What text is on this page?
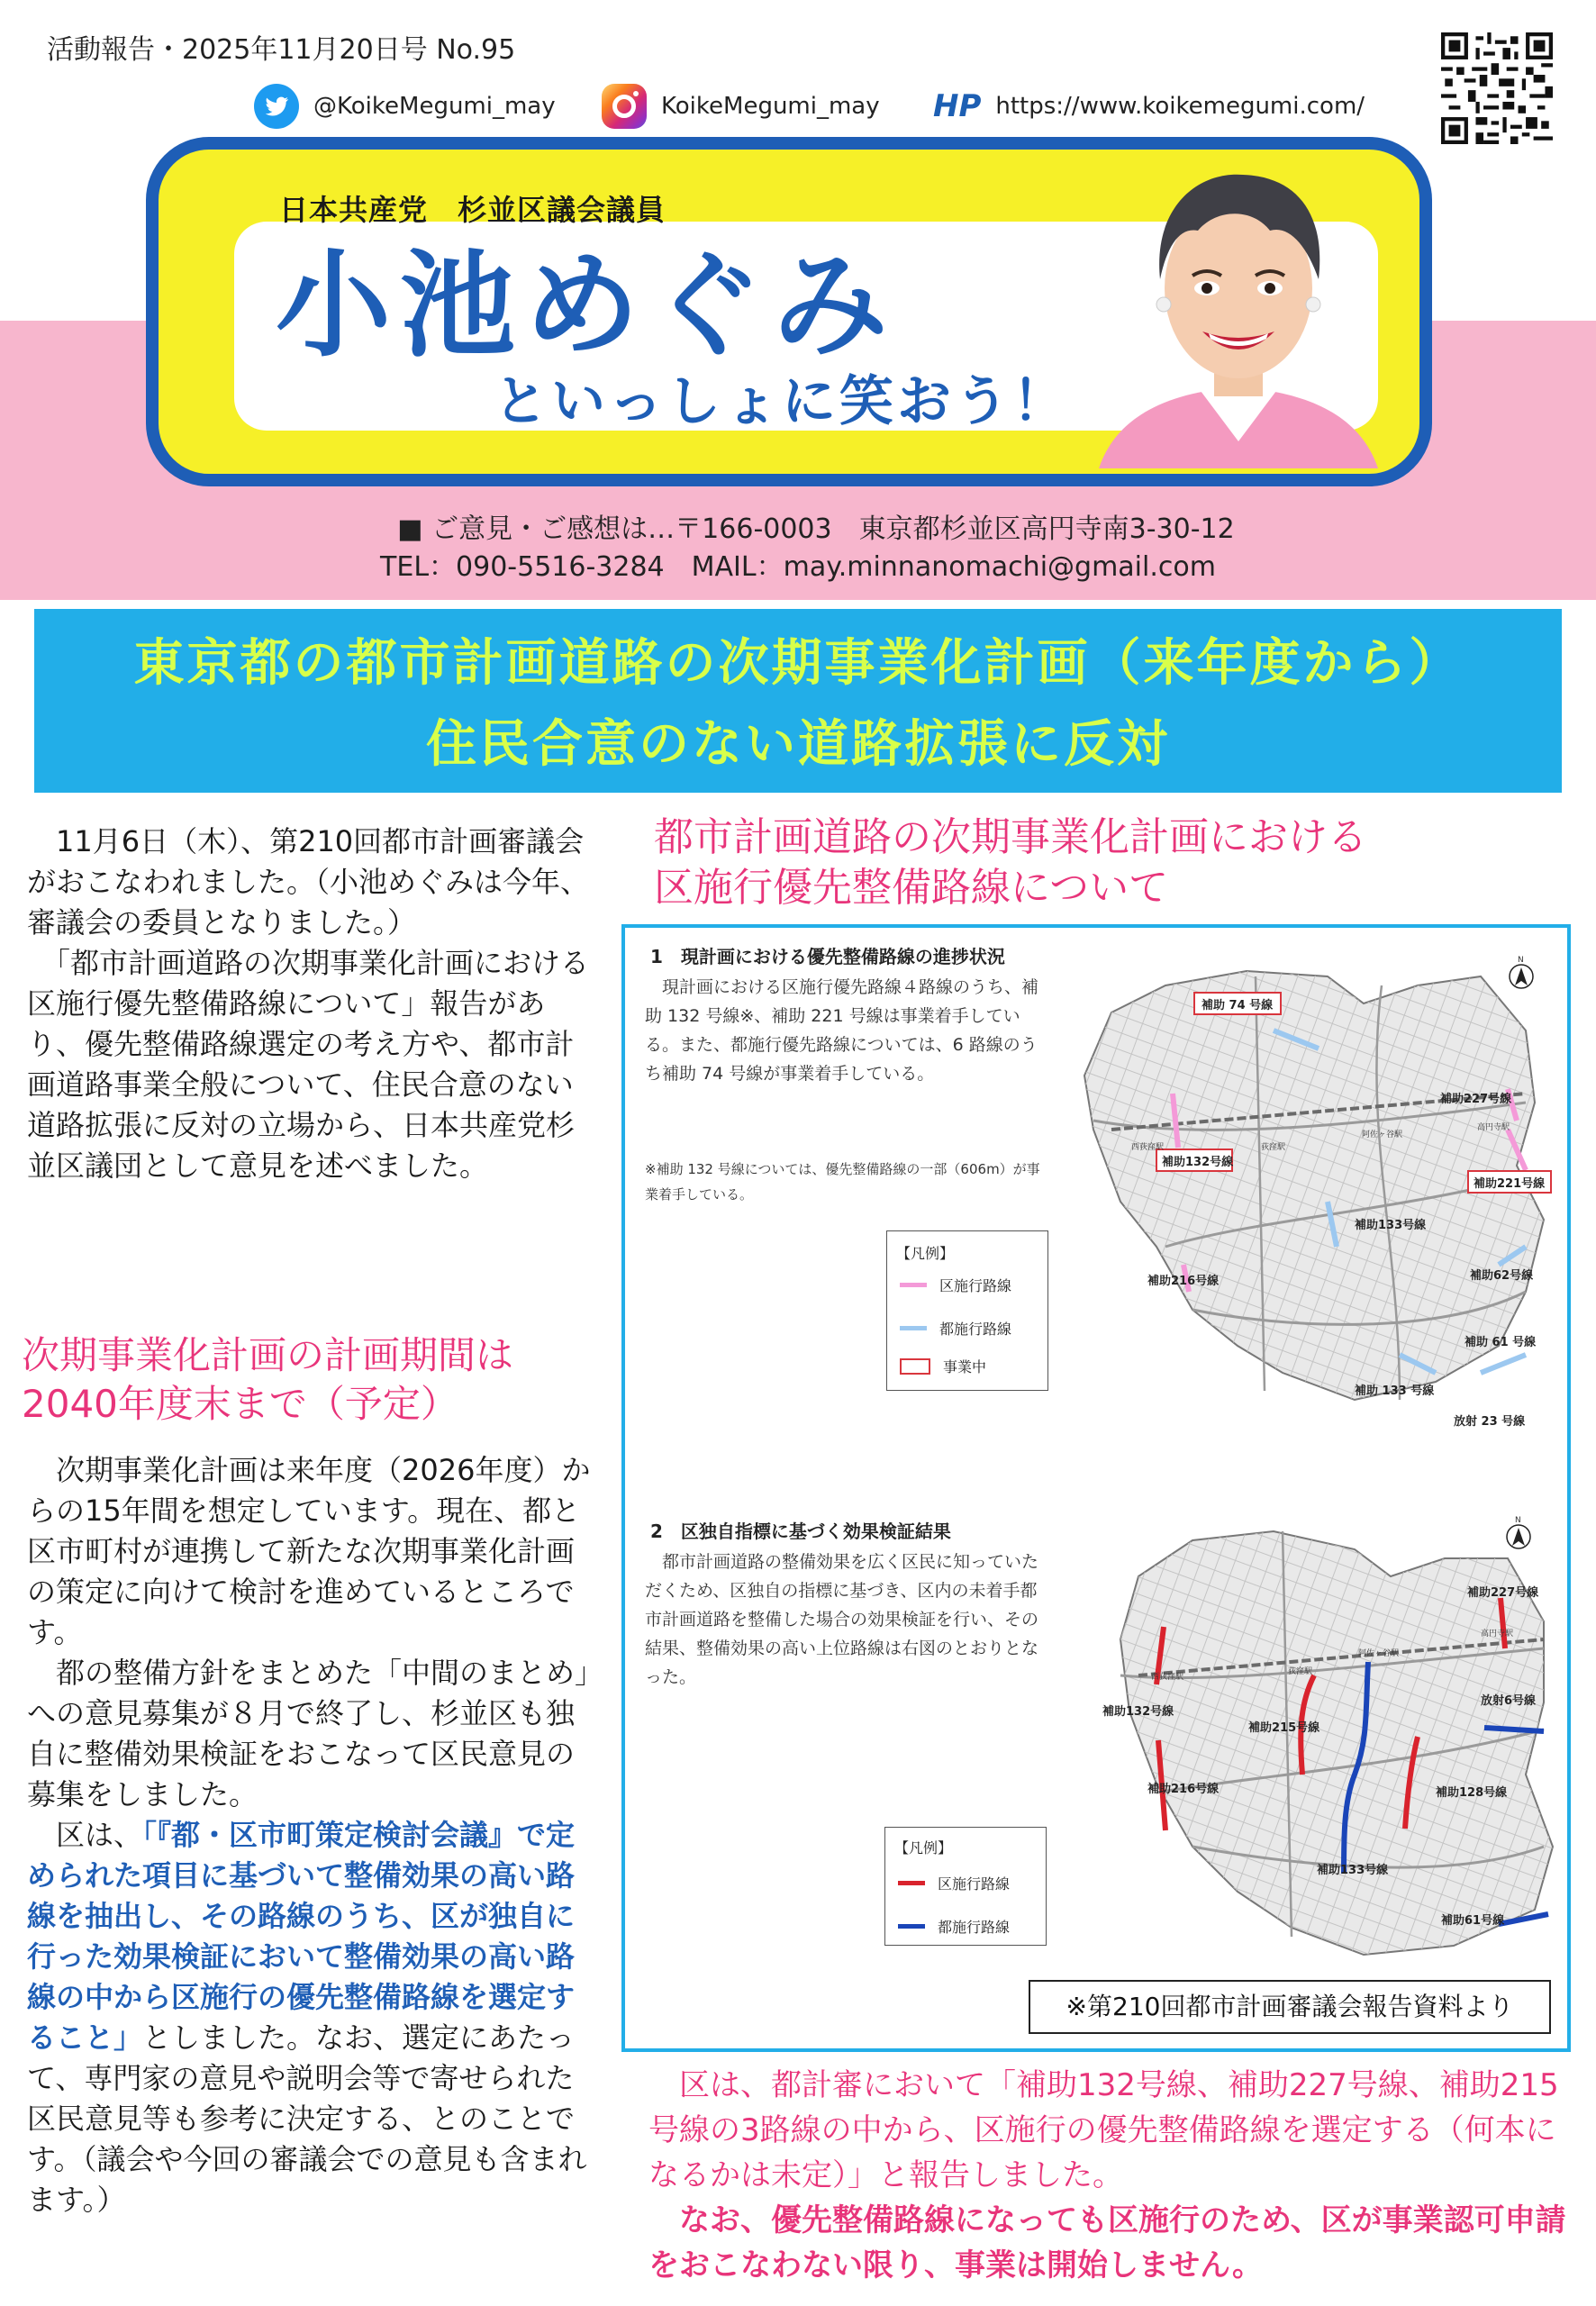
活動報告・2025年11月20日号 No.95
@KoikeMegumi_may	KoikeMegumi_may HP https://www.koikemegumi.com/
日本共産党　杉並区議会議員
小池めぐみ
といっしょに笑おう！
■ ご意見・ご感想は…〒166-0003　東京都杉並区高円寺南3-30-12
TEL：090-5516-3284　MAIL：may.minnanomachi@gmail.com
東京都の都市計画道路の次期事業化計画（来年度から）
住民合意のない道路拡張に反対

　11月6日（木）、第210回都市計画審議会がおこなわれました。（小池めぐみは今年、審議会の委員となりました。）

　「都市計画道路の次期事業化計画における区施行優先整備路線について」報告があり、優先整備路線選定の考え方や、都市計画道路事業全般について、住民合意のない道路拡張に反対の立場から、日本共産党杉並区議団として意見を述べました。

次期事業化計画の計画期間は2040年度末まで（予定）

　次期事業化計画は来年度（2026年度）からの15年間を想定しています。現在、都と区市町村が連携して新たな次期事業化計画の策定に向けて検討を進めているところです。

　都の整備方針をまとめた「中間のまとめ」への意見募集が８月で終了し、杉並区も独自に整備効果検証をおこなって区民意見の募集をしました。

　区は、「『都・区市町策定検討会議』で定められた項目に基づいて整備効果の高い路線を抽出し、その路線のうち、区が独自に行った効果検証において整備効果の高い路線の中から区施行の優先整備路線を選定すること」としました。なお、選定にあたって、専門家の意見や説明会等で寄せられた区民意見等も参考に決定する、とのことです。（議会や今回の審議会での意見も含まれます。）

都市計画道路の次期事業化計画における
区施行優先整備路線について
1　現計画における優先整備路線の進捗状況
　現計画における区施行優先路線４路線のうち、補助 132 号線※、補助 221 号線は事業着手している。また、都施行優先路線については、6 路線のうち補助 74 号線が事業着手している。
※補助 132 号線については、優先整備路線の一部（606m）が事業着手している。
【凡例】
区施行路線
都施行路線
事業中
N
補助 74 号線
補助227号線
補助132号線
補助221号線
補助133号線
補助62号線
補助216号線
補助 61 号線
補助 133 号線
放射 23 号線
西荻窪駅	荻窪駅
阿佐ヶ谷駅
高円寺駅
2　区独自指標に基づく効果検証結果
　都市計画道路の整備効果を広く区民に知っていただくため、区独自の指標に基づき、区内の未着手都市計画道路を整備した場合の効果検証を行い、その結果、整備効果の高い上位路線は右図のとおりとなった。
【凡例】
区施行路線
都施行路線
N
補助227号線
補助132号線
放射6号線
補助215号線
補助216号線	補助128号線
補助133号線
補助61号線
西荻窪駅
荻窪駅
阿佐ヶ谷駅
高円寺駅
※第210回都市計画審議会報告資料より

　区は、都計審において「補助132号線、補助227号線、補助215号線の3路線の中から、区施行の優先整備路線を選定する（何本になるかは未定）」と報告しました。

　なお、優先整備路線になっても区施行のため、区が事業認可申請をおこなわない限り、事業は開始しません。
